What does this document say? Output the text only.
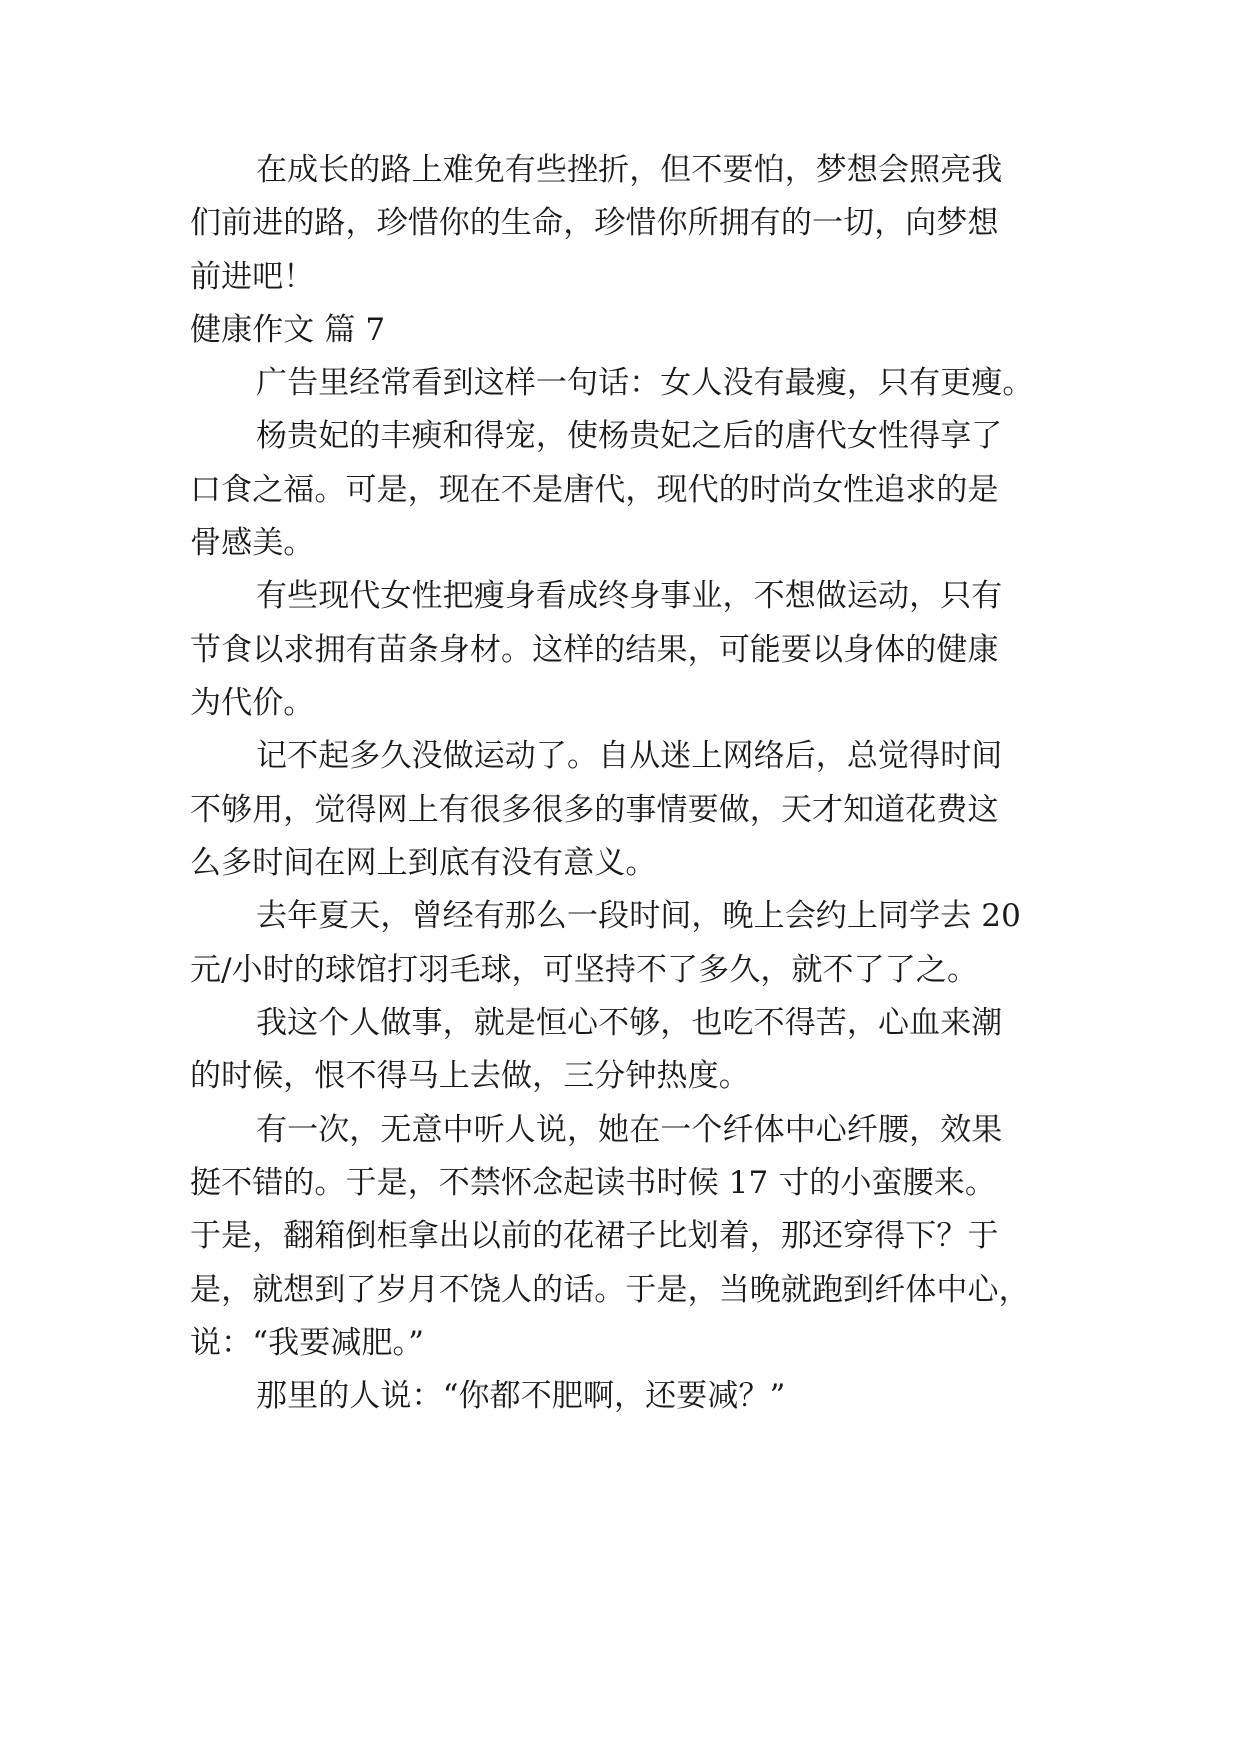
在成长的路上难免有些挫折，但不要怕，梦想会照亮我
们前进的路，珍惜你的生命，珍惜你所拥有的一切，向梦想
前进吧！
健康作文 篇 7
广告里经常看到这样一句话：女人没有最瘦，只有更瘦。
杨贵妃的丰瘐和得宠，使杨贵妃之后的唐代女性得享了
口食之福。可是，现在不是唐代，现代的时尚女性追求的是
骨感美。
有些现代女性把瘦身看成终身事业，不想做运动，只有
节食以求拥有苗条身材。这样的结果，可能要以身体的健康
为代价。
记不起多久没做运动了。自从迷上网络后，总觉得时间
不够用，觉得网上有很多很多的事情要做，天才知道花费这
么多时间在网上到底有没有意义。
去年夏天，曾经有那么一段时间，晚上会约上同学去 20
元/小时的球馆打羽毛球，可坚持不了多久，就不了了之。
我这个人做事，就是恒心不够，也吃不得苦，心血来潮
的时候，恨不得马上去做，三分钟热度。
有一次，无意中听人说，她在一个纤体中心纤腰，效果
挺不错的。于是，不禁怀念起读书时候 17 寸的小蛮腰来。
于是，翻箱倒柜拿出以前的花裙子比划着，那还穿得下？于
是，就想到了岁月不饶人的话。于是，当晚就跑到纤体中心，
说：“我要减肥。”
那里的人说：“你都不肥啊，还要减？”
